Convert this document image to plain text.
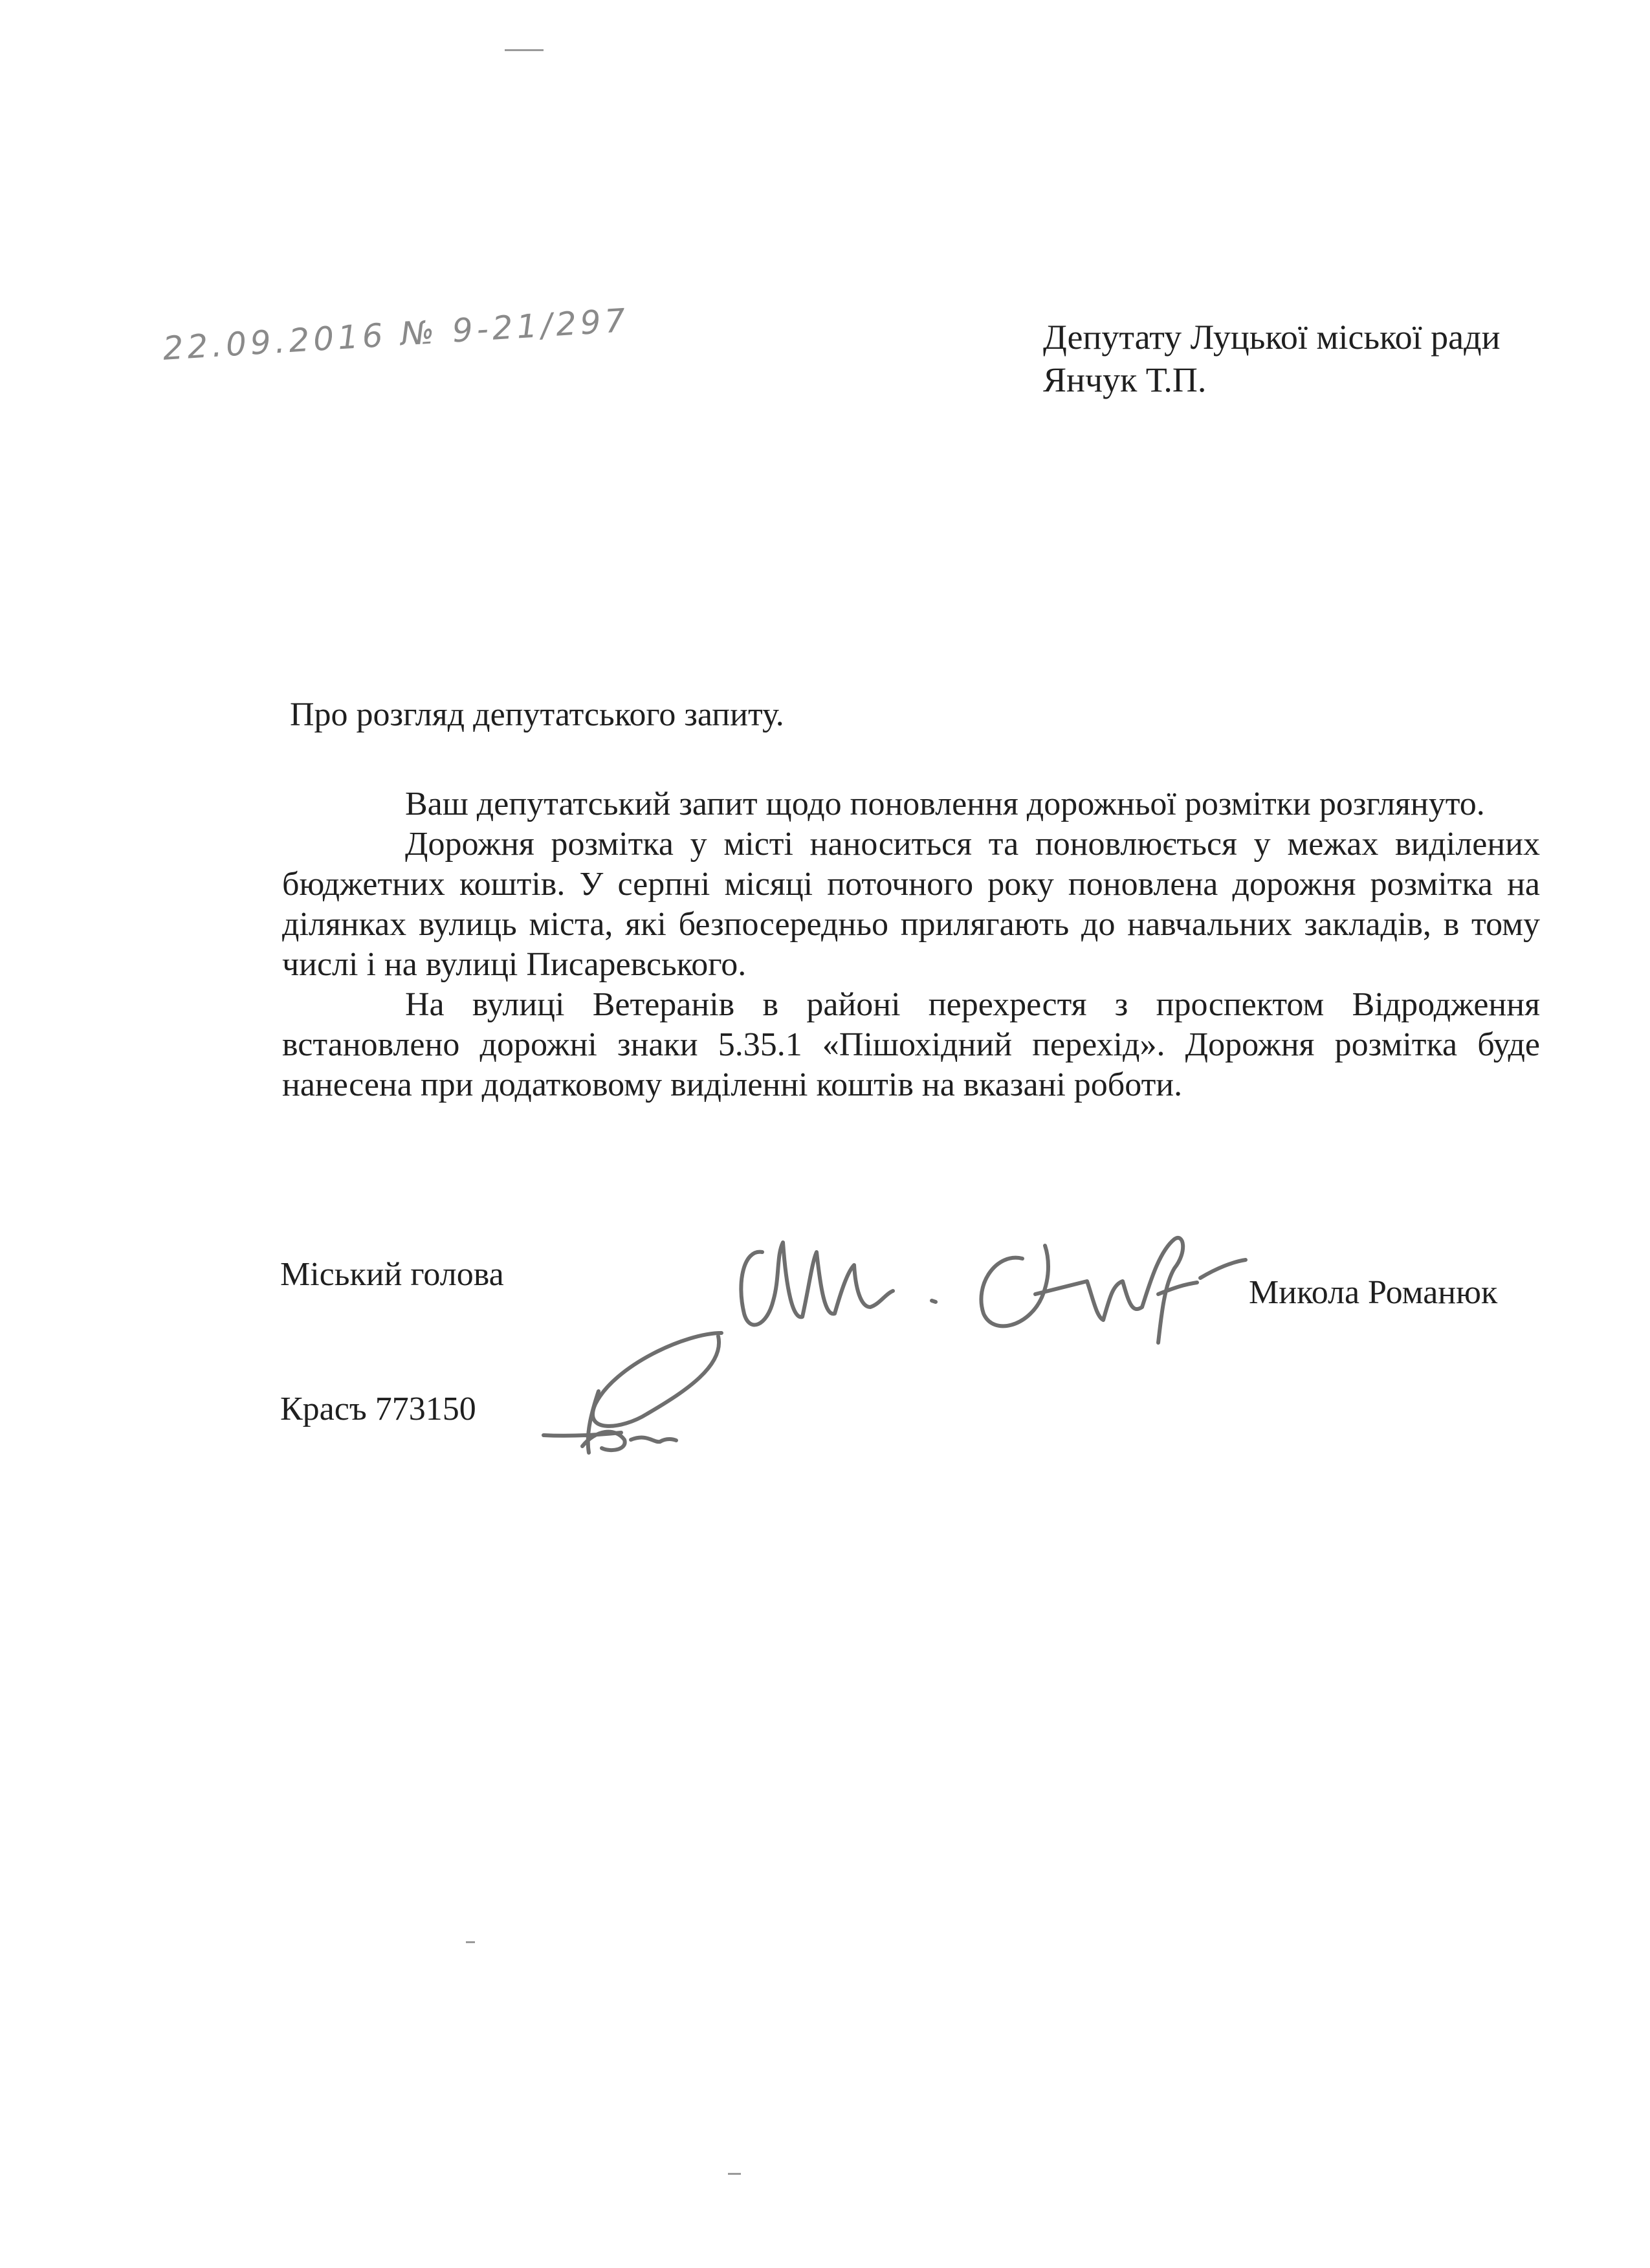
22.09.2016 № 9-21/297	Депутату Луцької міської ради
Янчук Т.П.
Про розгляд депутатського запиту.

Ваш депутатський запит щодо поновлення дорожньої розмітки розглянуто.

Дорожня розмітка у місті наноситься та поновлюється у межах виділених бюджетних коштів. У серпні місяці поточного року поновлена дорожня розмітка на ділянках вулиць міста, які безпосередньо прилягають до навчальних закладів, в тому числі і на вулиці Писаревського.

На вулиці Ветеранів в районі перехрестя з проспектом Відродження встановлено дорожні знаки 5.35.1 «Пішохідний перехід». Дорожня розмітка буде нанесена при додатковому виділенні коштів на вказані роботи.

Міський голова	Микола Романюк
Красъ 773150
